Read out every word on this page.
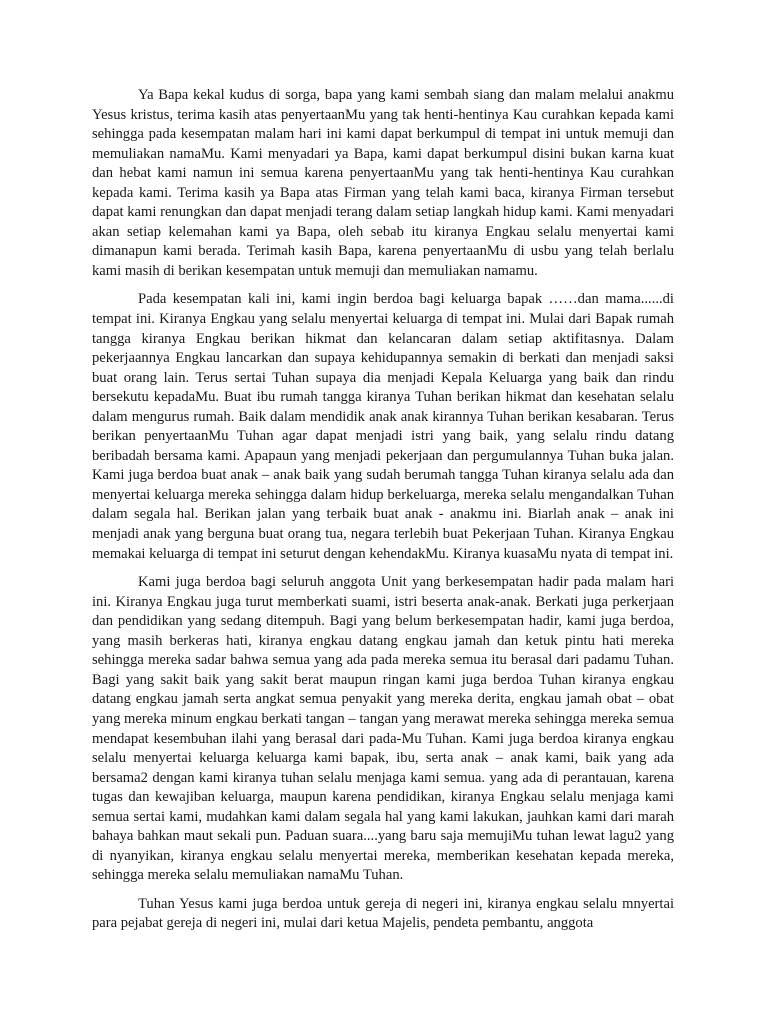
Ya Bapa kekal kudus di sorga, bapa yang kami sembah siang dan malam melalui anakmu Yesus kristus, terima kasih atas penyertaanMu yang tak henti-hentinya Kau curahkan kepada kami sehingga pada kesempatan malam hari ini kami dapat berkumpul di tempat ini untuk memuji dan memuliakan namaMu. Kami menyadari ya Bapa, kami dapat berkumpul disini bukan karna kuat dan hebat kami namun ini semua karena penyertaanMu yang tak henti-hentinya Kau curahkan kepada kami. Terima kasih ya Bapa atas Firman yang telah kami baca, kiranya Firman tersebut dapat kami renungkan dan dapat menjadi terang dalam setiap langkah hidup kami. Kami menyadari akan setiap kelemahan kami ya Bapa, oleh sebab itu kiranya Engkau selalu menyertai kami dimanapun kami berada. Terimah kasih Bapa, karena penyertaanMu di usbu yang telah berlalu kami masih di berikan kesempatan untuk memuji dan memuliakan namamu.

Pada kesempatan kali ini, kami ingin berdoa bagi keluarga bapak ……dan mama......di tempat ini. Kiranya Engkau yang selalu menyertai keluarga di tempat ini. Mulai dari Bapak rumah tangga kiranya Engkau berikan hikmat dan kelancaran dalam setiap aktifitasnya. Dalam pekerjaannya Engkau lancarkan dan supaya kehidupannya semakin di berkati dan menjadi saksi buat orang lain. Terus sertai Tuhan supaya dia menjadi Kepala Keluarga yang baik dan rindu bersekutu kepadaMu. Buat ibu rumah tangga kiranya Tuhan berikan hikmat dan kesehatan selalu dalam mengurus rumah. Baik dalam mendidik anak anak kirannya Tuhan berikan kesabaran. Terus berikan penyertaanMu Tuhan agar dapat menjadi istri yang baik, yang selalu rindu datang beribadah bersama kami. Apapaun yang menjadi pekerjaan dan pergumulannya Tuhan buka jalan. Kami juga berdoa buat anak – anak baik yang sudah berumah tangga Tuhan kiranya selalu ada dan menyertai keluarga mereka sehingga dalam hidup berkeluarga, mereka selalu mengandalkan Tuhan dalam segala hal. Berikan jalan yang terbaik buat anak - anakmu ini. Biarlah anak – anak ini menjadi anak yang berguna buat orang tua, negara terlebih buat Pekerjaan Tuhan. Kiranya Engkau memakai keluarga di tempat ini seturut dengan kehendakMu. Kiranya kuasaMu nyata di tempat ini.

Kami juga berdoa bagi seluruh anggota Unit yang berkesempatan hadir pada malam hari ini. Kiranya Engkau juga turut memberkati suami, istri beserta anak-anak. Berkati juga perkerjaan dan pendidikan yang sedang ditempuh. Bagi yang belum berkesempatan hadir, kami juga berdoa, yang masih berkeras hati, kiranya engkau datang engkau jamah dan ketuk pintu hati mereka sehingga mereka sadar bahwa semua yang ada pada mereka semua itu berasal dari padamu Tuhan. Bagi yang sakit baik yang sakit berat maupun ringan kami juga berdoa Tuhan kiranya engkau datang engkau jamah serta angkat semua penyakit yang mereka derita, engkau jamah obat – obat yang mereka minum engkau berkati tangan – tangan yang merawat mereka sehingga mereka semua mendapat kesembuhan ilahi yang berasal dari pada-Mu Tuhan. Kami juga berdoa kiranya engkau selalu menyertai keluarga keluarga kami bapak, ibu, serta anak – anak kami, baik yang ada bersama2 dengan kami kiranya tuhan selalu menjaga kami semua. yang ada di perantauan, karena tugas dan kewajiban keluarga, maupun karena pendidikan, kiranya Engkau selalu menjaga kami semua sertai kami, mudahkan kami dalam segala hal yang kami lakukan, jauhkan kami dari marah bahaya bahkan maut sekali pun. Paduan suara....yang baru saja memujiMu tuhan lewat lagu2 yang di nyanyikan, kiranya engkau selalu menyertai mereka, memberikan kesehatan kepada mereka, sehingga mereka selalu memuliakan namaMu Tuhan.

Tuhan Yesus kami juga berdoa untuk gereja di negeri ini, kiranya engkau selalu mnyertai para pejabat gereja di negeri ini, mulai dari ketua Majelis, pendeta pembantu, anggota
